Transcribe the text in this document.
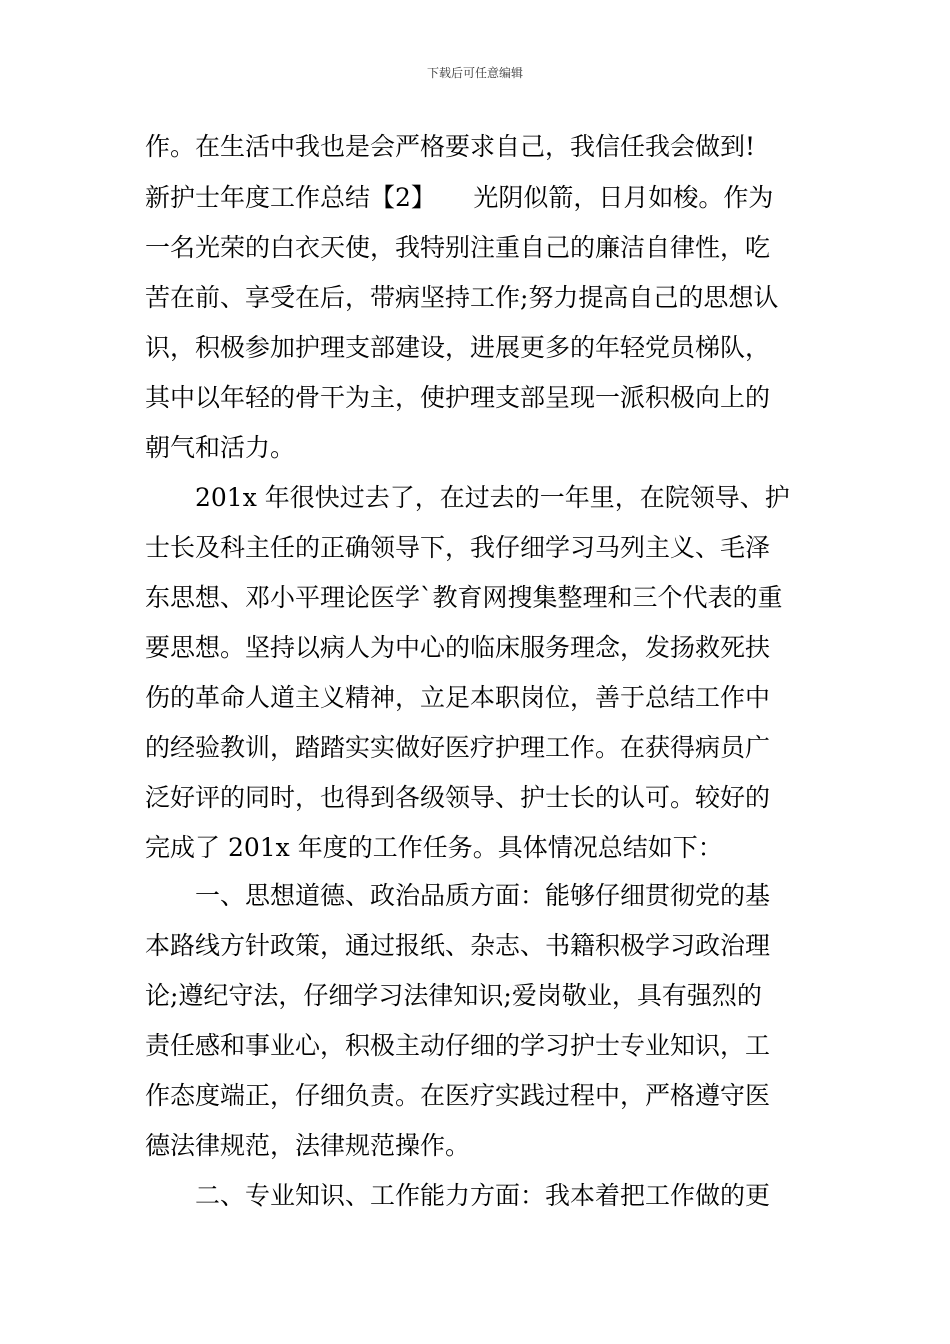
下载后可任意编辑
作。在生活中我也是会严格要求自己，我信任我会做到!
新护士年度工作总结【2】　　光阴似箭，日月如梭。作为
一名光荣的白衣天使，我特别注重自己的廉洁自律性，吃
苦在前、享受在后，带病坚持工作;努力提高自己的思想认
识，积极参加护理支部建设，进展更多的年轻党员梯队，
其中以年轻的骨干为主，使护理支部呈现一派积极向上的
朝气和活力。
　　201x 年很快过去了，在过去的一年里，在院领导、护
士长及科主任的正确领导下，我仔细学习马列主义、毛泽
东思想、邓小平理论医学`教育网搜集整理和三个代表的重
要思想。坚持以病人为中心的临床服务理念，发扬救死扶
伤的革命人道主义精神，立足本职岗位，善于总结工作中
的经验教训，踏踏实实做好医疗护理工作。在获得病员广
泛好评的同时，也得到各级领导、护士长的认可。较好的
完成了 201x 年度的工作任务。具体情况总结如下：
　　一、思想道德、政治品质方面：能够仔细贯彻党的基
本路线方针政策，通过报纸、杂志、书籍积极学习政治理
论;遵纪守法，仔细学习法律知识;爱岗敬业，具有强烈的
责任感和事业心，积极主动仔细的学习护士专业知识，工
作态度端正，仔细负责。在医疗实践过程中，严格遵守医
德法律规范，法律规范操作。
　　二、专业知识、工作能力方面：我本着把工作做的更
